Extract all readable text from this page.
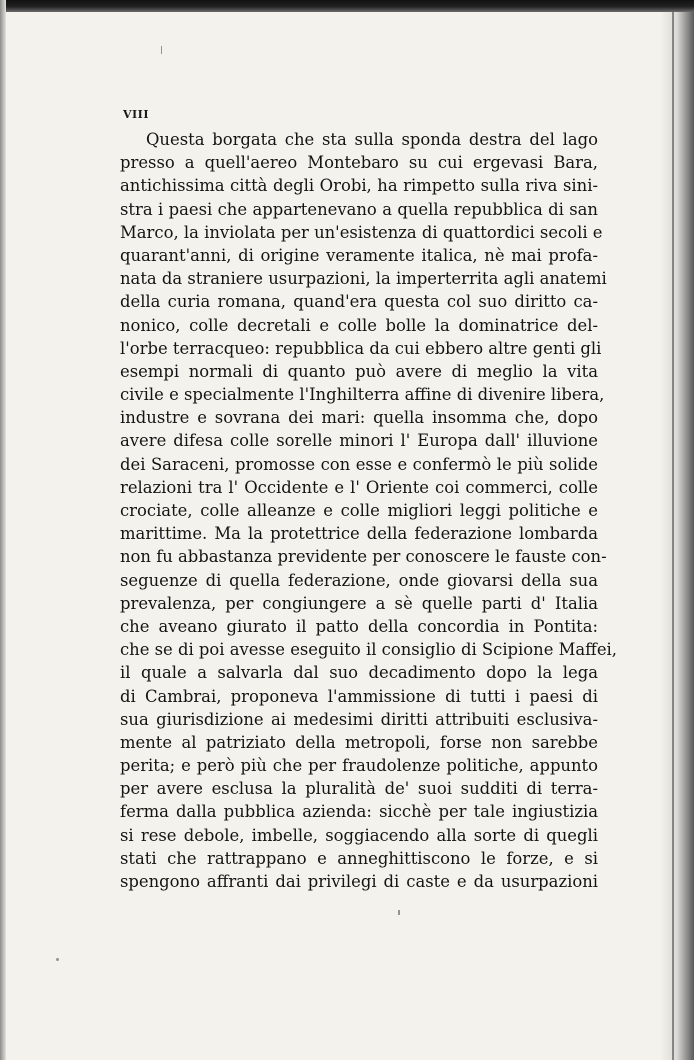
VIII

Questa borgata che sta sulla sponda destra del lago
presso a quell'aereo Montebaro su cui ergevasi Bara,
antichissima città degli Orobi, ha rimpetto sulla riva sini-
stra i paesi che appartenevano a quella repubblica di san
Marco, la inviolata per un'esistenza di quattordici secoli e
quarant'anni, di origine veramente italica, nè mai profa-
nata da straniere usurpazioni, la imperterrita agli anatemi
della curia romana, quand'era questa col suo diritto ca-
nonico, colle decretali e colle bolle la dominatrice del-
l'orbe terracqueo: repubblica da cui ebbero altre genti gli
esempi normali di quanto può avere di meglio la vita
civile e specialmente l'Inghilterra affine di divenire libera,
industre e sovrana dei mari: quella insomma che, dopo
avere difesa colle sorelle minori l' Europa dall' illuvione
dei Saraceni, promosse con esse e confermò le più solide
relazioni tra l' Occidente e l' Oriente coi commerci, colle
crociate, colle alleanze e colle migliori leggi politiche e
marittime. Ma la protettrice della federazione lombarda
non fu abbastanza previdente per conoscere le fauste con-
seguenze di quella federazione, onde giovarsi della sua
prevalenza, per congiungere a sè quelle parti d' Italia
che aveano giurato il patto della concordia in Pontita:
che se di poi avesse eseguito il consiglio di Scipione Maffei,
il quale a salvarla dal suo decadimento dopo la lega
di Cambrai, proponeva l'ammissione di tutti i paesi di
sua giurisdizione ai medesimi diritti attribuiti esclusiva-
mente al patriziato della metropoli, forse non sarebbe
perita; e però più che per fraudolenze politiche, appunto
per avere esclusa la pluralità de' suoi sudditi di terra-
ferma dalla pubblica azienda: sicchè per tale ingiustizia
si rese debole, imbelle, soggiacendo alla sorte di quegli
stati che rattrappano e anneghittiscono le forze, e si
spengono affranti dai privilegi di caste e da usurpazioni
